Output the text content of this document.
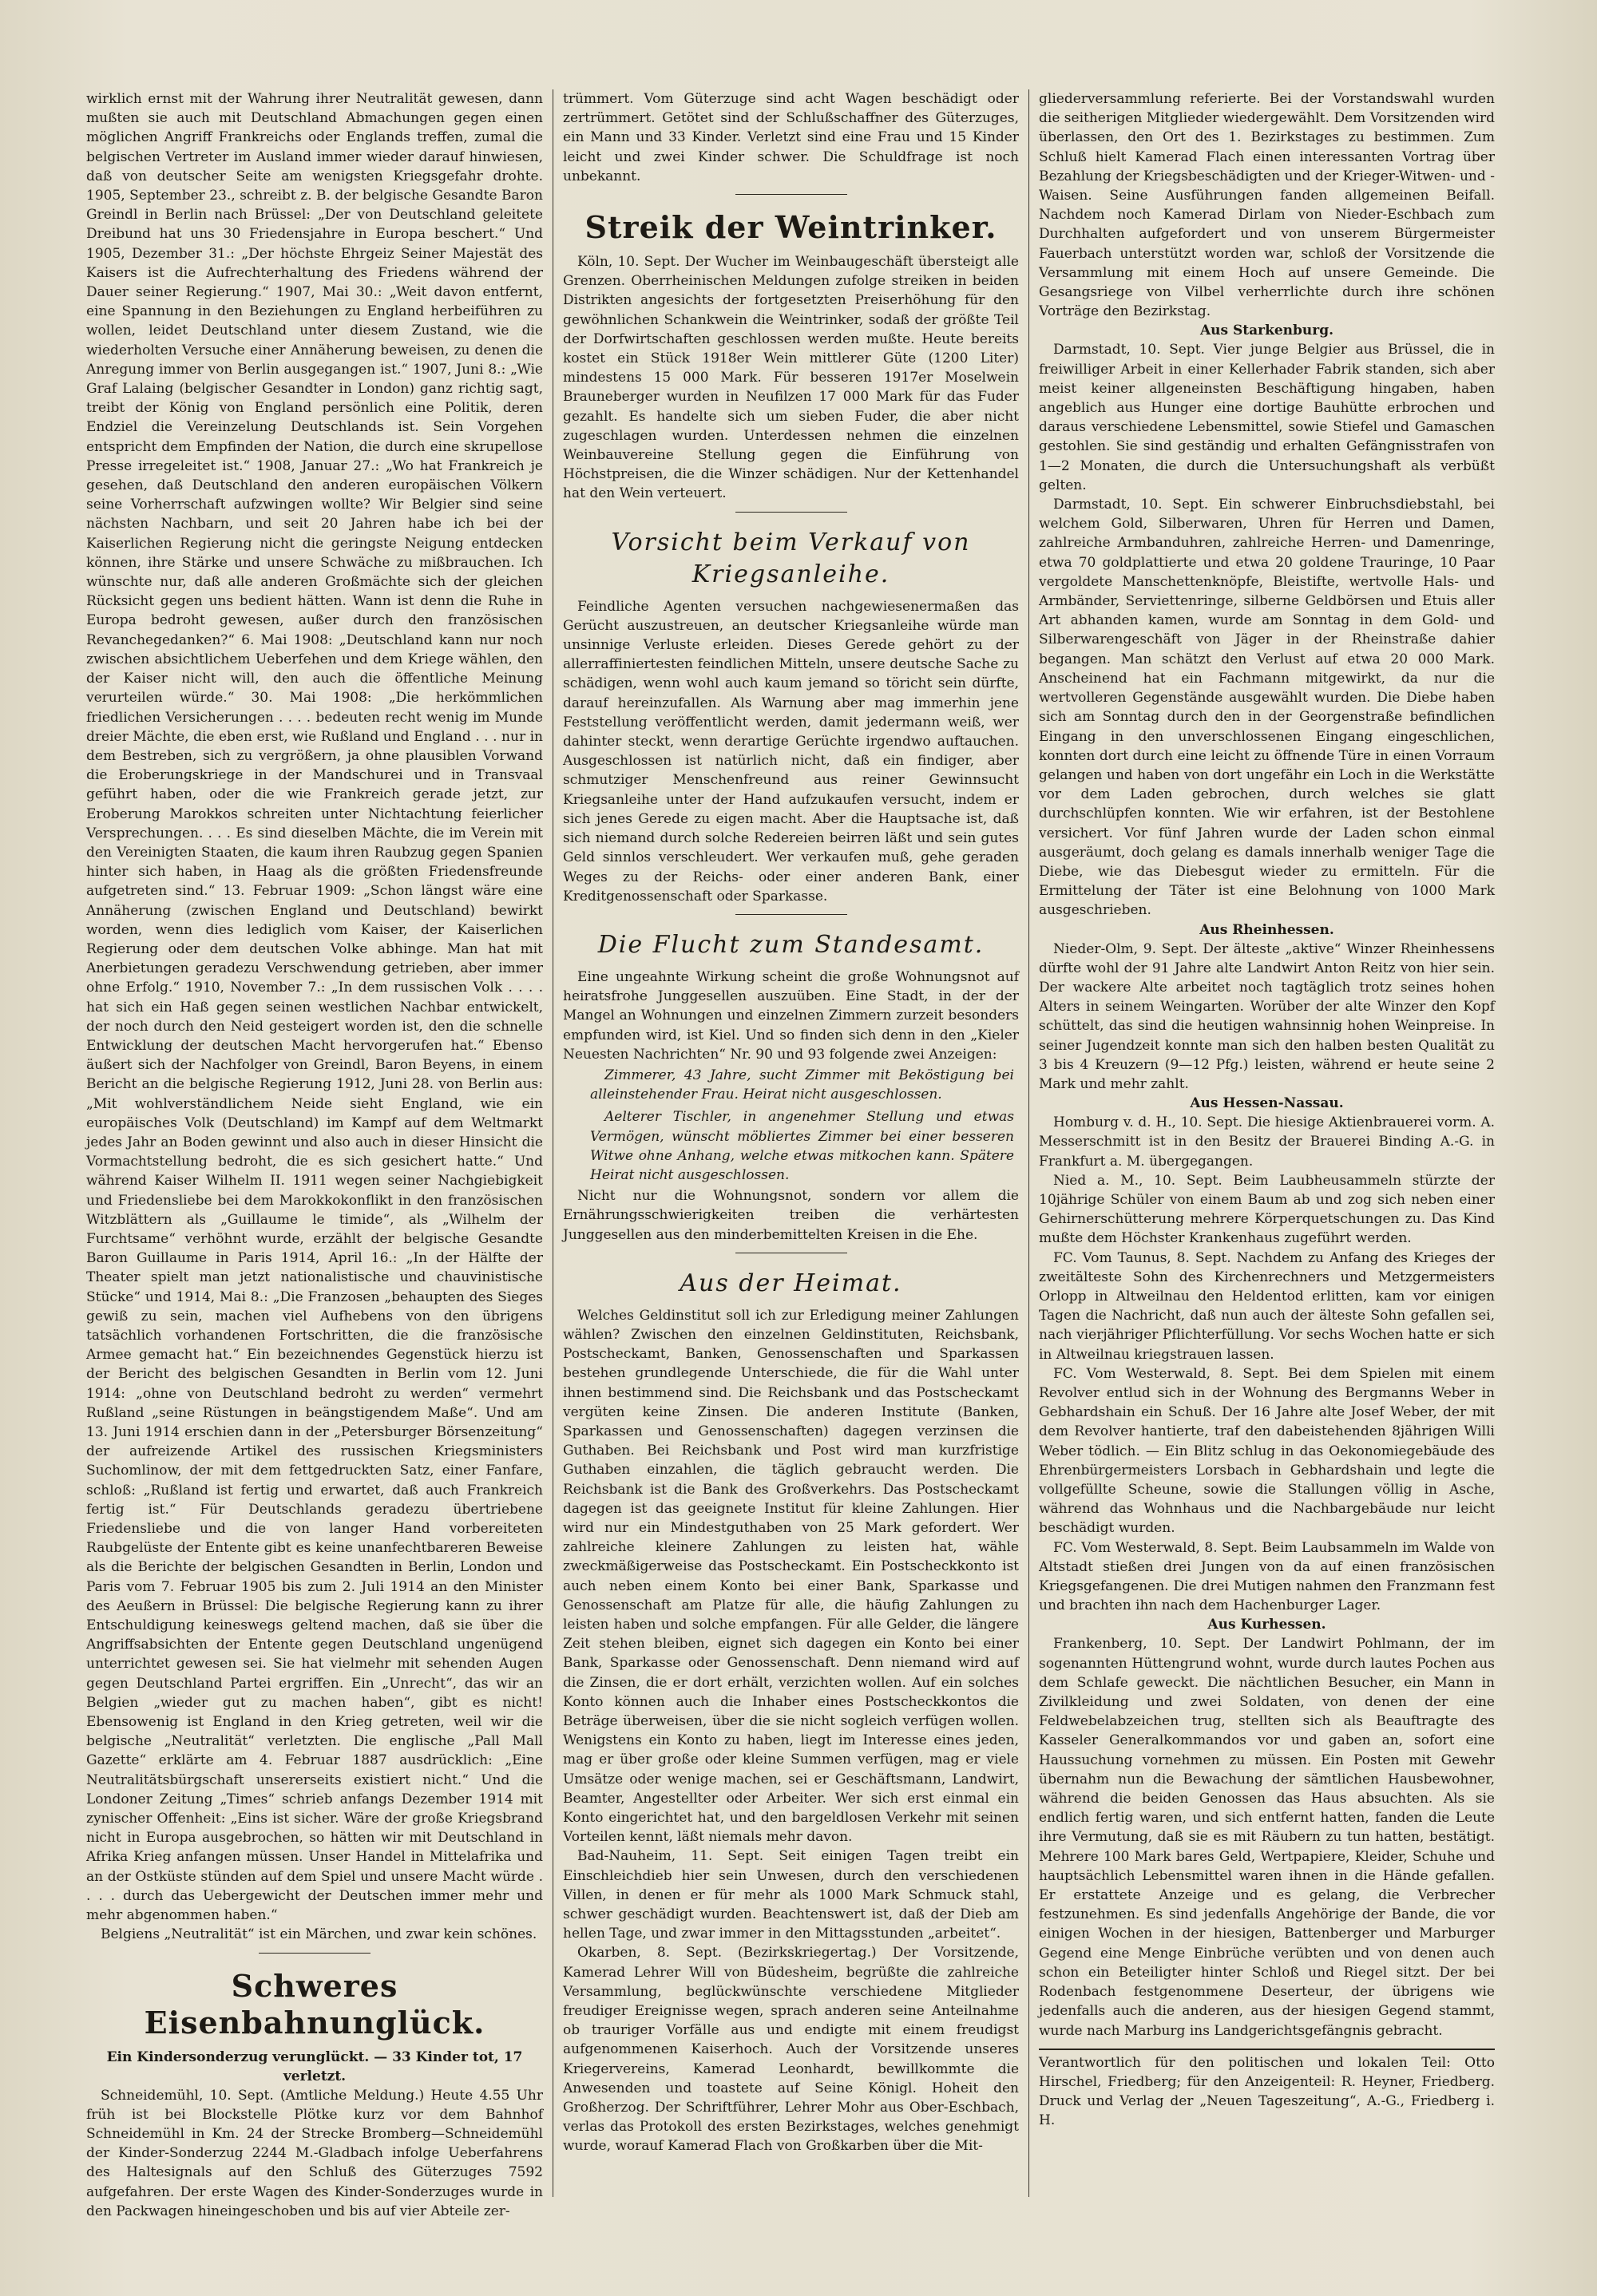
wirklich ernst mit der Wahrung ihrer Neutralität gewesen, dann mußten sie auch mit Deutschland Abmachungen gegen einen möglichen Angriff Frankreichs oder Englands treffen, zumal die belgischen Vertreter im Ausland immer wieder darauf hinwiesen, daß von deutscher Seite am wenigsten Kriegsgefahr drohte. 1905, September 23., schreibt z. B. der belgische Gesandte Baron Greindl in Berlin nach Brüssel: „Der von Deutschland geleitete Dreibund hat uns 30 Friedensjahre in Europa beschert.“ Und 1905, Dezember 31.: „Der höchste Ehrgeiz Seiner Majestät des Kaisers ist die Aufrechterhaltung des Friedens während der Dauer seiner Regierung.“ 1907, Mai 30.: „Weit davon entfernt, eine Spannung in den Beziehungen zu England herbeiführen zu wollen, leidet Deutschland unter diesem Zustand, wie die wiederholten Versuche einer Annäherung beweisen, zu denen die Anregung immer von Berlin ausgegangen ist.“ 1907, Juni 8.: „Wie Graf Lalaing (belgischer Gesandter in London) ganz richtig sagt, treibt der König von England persönlich eine Politik, deren Endziel die Vereinzelung Deutschlands ist. Sein Vorgehen entspricht dem Empfinden der Nation, die durch eine skrupellose Presse irregeleitet ist.“ 1908, Januar 27.: „Wo hat Frankreich je gesehen, daß Deutschland den anderen europäischen Völkern seine Vorherrschaft aufzwingen wollte? Wir Belgier sind seine nächsten Nachbarn, und seit 20 Jahren habe ich bei der Kaiserlichen Regierung nicht die geringste Neigung entdecken können, ihre Stärke und unsere Schwäche zu mißbrauchen. Ich wünschte nur, daß alle anderen Großmächte sich der gleichen Rücksicht gegen uns bedient hätten. Wann ist denn die Ruhe in Europa bedroht gewesen, außer durch den französischen Revanchegedanken?“ 6. Mai 1908: „Deutschland kann nur noch zwischen absichtlichem Ueberfehen und dem Kriege wählen, den der Kaiser nicht will, den auch die öffentliche Meinung verurteilen würde.“ 30. Mai 1908: „Die herkömmlichen friedlichen Versicherungen . . . . bedeuten recht wenig im Munde dreier Mächte, die eben erst, wie Rußland und England . . . nur in dem Bestreben, sich zu vergrößern, ja ohne plausiblen Vorwand die Eroberungskriege in der Mandschurei und in Transvaal geführt haben, oder die wie Frankreich gerade jetzt, zur Eroberung Marokkos schreiten unter Nichtachtung feierlicher Versprechungen. . . . Es sind dieselben Mächte, die im Verein mit den Vereinigten Staaten, die kaum ihren Raubzug gegen Spanien hinter sich haben, in Haag als die größten Friedensfreunde aufgetreten sind.“ 13. Februar 1909: „Schon längst wäre eine Annäherung (zwischen England und Deutschland) bewirkt worden, wenn dies lediglich vom Kaiser, der Kaiserlichen Regierung oder dem deutschen Volke abhinge. Man hat mit Anerbietungen geradezu Verschwendung getrieben, aber immer ohne Erfolg.“ 1910, November 7.: „In dem russischen Volk . . . . hat sich ein Haß gegen seinen westlichen Nachbar entwickelt, der noch durch den Neid gesteigert worden ist, den die schnelle Entwicklung der deutschen Macht hervorgerufen hat.“ Ebenso äußert sich der Nachfolger von Greindl, Baron Beyens, in einem Bericht an die belgische Regierung 1912, Juni 28. von Berlin aus: „Mit wohlverständlichem Neide sieht England, wie ein europäisches Volk (Deutschland) im Kampf auf dem Weltmarkt jedes Jahr an Boden gewinnt und also auch in dieser Hinsicht die Vormachtstellung bedroht, die es sich gesichert hatte.“ Und während Kaiser Wilhelm II. 1911 wegen seiner Nachgiebigkeit und Friedensliebe bei dem Marokkokonflikt in den französischen Witzblättern als „Guillaume le timide“, als „Wilhelm der Furchtsame“ verhöhnt wurde, erzählt der belgische Gesandte Baron Guillaume in Paris 1914, April 16.: „In der Hälfte der Theater spielt man jetzt nationalistische und chauvinistische Stücke“ und 1914, Mai 8.: „Die Franzosen „behaupten des Sieges gewiß zu sein, machen viel Aufhebens von den übrigens tatsächlich vorhandenen Fortschritten, die die französische Armee gemacht hat.“ Ein bezeichnendes Gegenstück hierzu ist der Bericht des belgischen Gesandten in Berlin vom 12. Juni 1914: „ohne von Deutschland bedroht zu werden“ vermehrt Rußland „seine Rüstungen in beängstigendem Maße“. Und am 13. Juni 1914 erschien dann in der „Petersburger Börsenzeitung“ der aufreizende Artikel des russischen Kriegsministers Suchomlinow, der mit dem fettgedruckten Satz, einer Fanfare, schloß: „Rußland ist fertig und erwartet, daß auch Frankreich fertig ist.“ Für Deutschlands geradezu übertriebene Friedensliebe und die von langer Hand vorbereiteten Raubgelüste der Entente gibt es keine unanfechtbareren Beweise als die Berichte der belgischen Gesandten in Berlin, London und Paris vom 7. Februar 1905 bis zum 2. Juli 1914 an den Minister des Aeußern in Brüssel: Die belgische Regierung kann zu ihrer Entschuldigung keineswegs geltend machen, daß sie über die Angriffsabsichten der Entente gegen Deutschland ungenügend unterrichtet gewesen sei. Sie hat vielmehr mit sehenden Augen gegen Deutschland Partei ergriffen. Ein „Unrecht“, das wir an Belgien „wieder gut zu machen haben“, gibt es nicht! Ebensowenig ist England in den Krieg getreten, weil wir die belgische „Neutralität“ verletzten. Die englische „Pall Mall Gazette“ erklärte am 4. Februar 1887 ausdrücklich: „Eine Neutralitätsbürgschaft unsererseits existiert nicht.“ Und die Londoner Zeitung „Times“ schrieb anfangs Dezember 1914 mit zynischer Offenheit: „Eins ist sicher. Wäre der große Kriegsbrand nicht in Europa ausgebrochen, so hätten wir mit Deutschland in Afrika Krieg anfangen müssen. Unser Handel in Mittelafrika und an der Ostküste stünden auf dem Spiel und unsere Macht würde . . . . durch das Uebergewicht der Deutschen immer mehr und mehr abgenommen haben.“

Belgiens „Neutralität“ ist ein Märchen, und zwar kein schönes.

Schweres Eisenbahnunglück.
Ein Kindersonderzug verunglückt. — 33 Kinder tot, 17 verletzt.

Schneidemühl, 10. Sept. (Amtliche Meldung.) Heute 4.55 Uhr früh ist bei Blockstelle Plötke kurz vor dem Bahnhof Schneidemühl in Km. 24 der Strecke Bromberg—Schneidemühl der Kinder-Sonderzug 2244 M.-Gladbach infolge Ueberfahrens des Haltesignals auf den Schluß des Güterzuges 7592 aufgefahren. Der erste Wagen des Kinder-Sonderzuges wurde in den Packwagen hineingeschoben und bis auf vier Abteile zer-

trümmert. Vom Güterzuge sind acht Wagen beschädigt oder zertrümmert. Getötet sind der Schlußschaffner des Güterzuges, ein Mann und 33 Kinder. Verletzt sind eine Frau und 15 Kinder leicht und zwei Kinder schwer. Die Schuldfrage ist noch unbekannt.

Streik der Weintrinker.

Köln, 10. Sept. Der Wucher im Weinbaugeschäft übersteigt alle Grenzen. Oberrheinischen Meldungen zufolge streiken in beiden Distrikten angesichts der fortgesetzten Preiserhöhung für den gewöhnlichen Schankwein die Weintrinker, sodaß der größte Teil der Dorfwirtschaften geschlossen werden mußte. Heute bereits kostet ein Stück 1918er Wein mittlerer Güte (1200 Liter) mindestens 15 000 Mark. Für besseren 1917er Moselwein Brauneberger wurden in Neufilzen 17 000 Mark für das Fuder gezahlt. Es handelte sich um sieben Fuder, die aber nicht zugeschlagen wurden. Unterdessen nehmen die einzelnen Weinbauvereine Stellung gegen die Einführung von Höchstpreisen, die die Winzer schädigen. Nur der Kettenhandel hat den Wein verteuert.

Vorsicht beim Verkauf von Kriegsanleihe.

Feindliche Agenten versuchen nachgewiesenermaßen das Gerücht auszustreuen, an deutscher Kriegsanleihe würde man unsinnige Verluste erleiden. Dieses Gerede gehört zu der allerraffiniertesten feindlichen Mitteln, unsere deutsche Sache zu schädigen, wenn wohl auch kaum jemand so töricht sein dürfte, darauf hereinzufallen. Als Warnung aber mag immerhin jene Feststellung veröffentlicht werden, damit jedermann weiß, wer dahinter steckt, wenn derartige Gerüchte irgendwo auftauchen. Ausgeschlossen ist natürlich nicht, daß ein findiger, aber schmutziger Menschenfreund aus reiner Gewinnsucht Kriegsanleihe unter der Hand aufzukaufen versucht, indem er sich jenes Gerede zu eigen macht. Aber die Hauptsache ist, daß sich niemand durch solche Redereien beirren läßt und sein gutes Geld sinnlos verschleudert. Wer verkaufen muß, gehe geraden Weges zu der Reichs- oder einer anderen Bank, einer Kreditgenossenschaft oder Sparkasse.

Die Flucht zum Standesamt.

Eine ungeahnte Wirkung scheint die große Wohnungsnot auf heiratsfrohe Junggesellen auszuüben. Eine Stadt, in der der Mangel an Wohnungen und einzelnen Zimmern zurzeit besonders empfunden wird, ist Kiel. Und so finden sich denn in den „Kieler Neuesten Nachrichten“ Nr. 90 und 93 folgende zwei Anzeigen:

Zimmerer, 43 Jahre, sucht Zimmer mit Beköstigung bei alleinstehender Frau. Heirat nicht ausgeschlossen.

Aelterer Tischler, in angenehmer Stellung und etwas Vermögen, wünscht möbliertes Zimmer bei einer besseren Witwe ohne Anhang, welche etwas mitkochen kann. Spätere Heirat nicht ausgeschlossen.

Nicht nur die Wohnungsnot, sondern vor allem die Ernährungsschwierigkeiten treiben die verhärtesten Junggesellen aus den minderbemittelten Kreisen in die Ehe.

Aus der Heimat.

Welches Geldinstitut soll ich zur Erledigung meiner Zahlungen wählen? Zwischen den einzelnen Geldinstituten, Reichsbank, Postscheckamt, Banken, Genossenschaften und Sparkassen bestehen grundlegende Unterschiede, die für die Wahl unter ihnen bestimmend sind. Die Reichsbank und das Postscheckamt vergüten keine Zinsen. Die anderen Institute (Banken, Sparkassen und Genossenschaften) dagegen verzinsen die Guthaben. Bei Reichsbank und Post wird man kurzfristige Guthaben einzahlen, die täglich gebraucht werden. Die Reichsbank ist die Bank des Großverkehrs. Das Postscheckamt dagegen ist das geeignete Institut für kleine Zahlungen. Hier wird nur ein Mindestguthaben von 25 Mark gefordert. Wer zahlreiche kleinere Zahlungen zu leisten hat, wähle zweckmäßigerweise das Postscheckamt. Ein Postscheckkonto ist auch neben einem Konto bei einer Bank, Sparkasse und Genossenschaft am Platze für alle, die häufig Zahlungen zu leisten haben und solche empfangen. Für alle Gelder, die längere Zeit stehen bleiben, eignet sich dagegen ein Konto bei einer Bank, Sparkasse oder Genossenschaft. Denn niemand wird auf die Zinsen, die er dort erhält, verzichten wollen. Auf ein solches Konto können auch die Inhaber eines Postscheckkontos die Beträge überweisen, über die sie nicht sogleich verfügen wollen. Wenigstens ein Konto zu haben, liegt im Interesse eines jeden, mag er über große oder kleine Summen verfügen, mag er viele Umsätze oder wenige machen, sei er Geschäftsmann, Landwirt, Beamter, Angestellter oder Arbeiter. Wer sich erst einmal ein Konto eingerichtet hat, und den bargeldlosen Verkehr mit seinen Vorteilen kennt, läßt niemals mehr davon.

Bad-Nauheim, 11. Sept. Seit einigen Tagen treibt ein Einschleichdieb hier sein Unwesen, durch den verschiedenen Villen, in denen er für mehr als 1000 Mark Schmuck stahl, schwer geschädigt wurden. Beachtenswert ist, daß der Dieb am hellen Tage, und zwar immer in den Mittagsstunden „arbeitet“.

Okarben, 8. Sept. (Bezirkskriegertag.) Der Vorsitzende, Kamerad Lehrer Will von Büdesheim, begrüßte die zahlreiche Versammlung, beglückwünschte verschiedene Mitglieder freudiger Ereignisse wegen, sprach anderen seine Anteilnahme ob trauriger Vorfälle aus und endigte mit einem freudigst aufgenommenen Kaiserhoch. Auch der Vorsitzende unseres Kriegervereins, Kamerad Leonhardt, bewillkommte die Anwesenden und toastete auf Seine Königl. Hoheit den Großherzog. Der Schriftführer, Lehrer Mohr aus Ober-Eschbach, verlas das Protokoll des ersten Bezirkstages, welches genehmigt wurde, worauf Kamerad Flach von Großkarben über die Mit-

gliederversammlung referierte. Bei der Vorstandswahl wurden die seitherigen Mitglieder wiedergewählt. Dem Vorsitzenden wird überlassen, den Ort des 1. Bezirkstages zu bestimmen. Zum Schluß hielt Kamerad Flach einen interessanten Vortrag über Bezahlung der Kriegsbeschädigten und der Krieger-Witwen- und -Waisen. Seine Ausführungen fanden allgemeinen Beifall. Nachdem noch Kamerad Dirlam von Nieder-Eschbach zum Durchhalten aufgefordert und von unserem Bürgermeister Fauerbach unterstützt worden war, schloß der Vorsitzende die Versammlung mit einem Hoch auf unsere Gemeinde. Die Gesangsriege von Vilbel verherrlichte durch ihre schönen Vorträge den Bezirkstag.

Aus Starkenburg.

Darmstadt, 10. Sept. Vier junge Belgier aus Brüssel, die in freiwilliger Arbeit in einer Kellerhader Fabrik standen, sich aber meist keiner allgeneinsten Beschäftigung hingaben, haben angeblich aus Hunger eine dortige Bauhütte erbrochen und daraus verschiedene Lebensmittel, sowie Stiefel und Gamaschen gestohlen. Sie sind geständig und erhalten Gefängnisstrafen von 1—2 Monaten, die durch die Untersuchungshaft als verbüßt gelten.

Darmstadt, 10. Sept. Ein schwerer Einbruchsdiebstahl, bei welchem Gold, Silberwaren, Uhren für Herren und Damen, zahlreiche Armbanduhren, zahlreiche Herren- und Damenringe, etwa 70 goldplattierte und etwa 20 goldene Trauringe, 10 Paar vergoldete Manschettenknöpfe, Bleistifte, wertvolle Hals- und Armbänder, Serviettenringe, silberne Geldbörsen und Etuis aller Art abhanden kamen, wurde am Sonntag in dem Gold- und Silberwarengeschäft von Jäger in der Rheinstraße dahier begangen. Man schätzt den Verlust auf etwa 20 000 Mark. Anscheinend hat ein Fachmann mitgewirkt, da nur die wertvolleren Gegenstände ausgewählt wurden. Die Diebe haben sich am Sonntag durch den in der Georgenstraße befindlichen Eingang in den unverschlossenen Eingang eingeschlichen, konnten dort durch eine leicht zu öffnende Türe in einen Vorraum gelangen und haben von dort ungefähr ein Loch in die Werkstätte vor dem Laden gebrochen, durch welches sie glatt durchschlüpfen konnten. Wie wir erfahren, ist der Bestohlene versichert. Vor fünf Jahren wurde der Laden schon einmal ausgeräumt, doch gelang es damals innerhalb weniger Tage die Diebe, wie das Diebesgut wieder zu ermitteln. Für die Ermittelung der Täter ist eine Belohnung von 1000 Mark ausgeschrieben.

Aus Rheinhessen.

Nieder-Olm, 9. Sept. Der älteste „aktive“ Winzer Rheinhessens dürfte wohl der 91 Jahre alte Landwirt Anton Reitz von hier sein. Der wackere Alte arbeitet noch tagtäglich trotz seines hohen Alters in seinem Weingarten. Worüber der alte Winzer den Kopf schüttelt, das sind die heutigen wahnsinnig hohen Weinpreise. In seiner Jugendzeit konnte man sich den halben besten Qualität zu 3 bis 4 Kreuzern (9—12 Pfg.) leisten, während er heute seine 2 Mark und mehr zahlt.

Aus Hessen-Nassau.

Homburg v. d. H., 10. Sept. Die hiesige Aktienbrauerei vorm. A. Messerschmitt ist in den Besitz der Brauerei Binding A.-G. in Frankfurt a. M. übergegangen.

Nied a. M., 10. Sept. Beim Laubheusammeln stürzte der 10jährige Schüler von einem Baum ab und zog sich neben einer Gehirnerschütterung mehrere Körperquetschungen zu. Das Kind mußte dem Höchster Krankenhaus zugeführt werden.

FC. Vom Taunus, 8. Sept. Nachdem zu Anfang des Krieges der zweitälteste Sohn des Kirchenrechners und Metzgermeisters Orlopp in Altweilnau den Heldentod erlitten, kam vor einigen Tagen die Nachricht, daß nun auch der älteste Sohn gefallen sei, nach vierjähriger Pflichterfüllung. Vor sechs Wochen hatte er sich in Altweilnau kriegstrauen lassen.

FC. Vom Westerwald, 8. Sept. Bei dem Spielen mit einem Revolver entlud sich in der Wohnung des Bergmanns Weber in Gebhardshain ein Schuß. Der 16 Jahre alte Josef Weber, der mit dem Revolver hantierte, traf den dabeistehenden 8jährigen Willi Weber tödlich. — Ein Blitz schlug in das Oekonomiegebäude des Ehrenbürgermeisters Lorsbach in Gebhardshain und legte die vollgefüllte Scheune, sowie die Stallungen völlig in Asche, während das Wohnhaus und die Nachbargebäude nur leicht beschädigt wurden.

FC. Vom Westerwald, 8. Sept. Beim Laubsammeln im Walde von Altstadt stießen drei Jungen von da auf einen französischen Kriegsgefangenen. Die drei Mutigen nahmen den Franzmann fest und brachten ihn nach dem Hachenburger Lager.

Aus Kurhessen.

Frankenberg, 10. Sept. Der Landwirt Pohlmann, der im sogenannten Hüttengrund wohnt, wurde durch lautes Pochen aus dem Schlafe geweckt. Die nächtlichen Besucher, ein Mann in Zivilkleidung und zwei Soldaten, von denen der eine Feldwebelabzeichen trug, stellten sich als Beauftragte des Kasseler Generalkommandos vor und gaben an, sofort eine Haussuchung vornehmen zu müssen. Ein Posten mit Gewehr übernahm nun die Bewachung der sämtlichen Hausbewohner, während die beiden Genossen das Haus absuchten. Als sie endlich fertig waren, und sich entfernt hatten, fanden die Leute ihre Vermutung, daß sie es mit Räubern zu tun hatten, bestätigt. Mehrere 100 Mark bares Geld, Wertpapiere, Kleider, Schuhe und hauptsächlich Lebensmittel waren ihnen in die Hände gefallen. Er erstattete Anzeige und es gelang, die Verbrecher festzunehmen. Es sind jedenfalls Angehörige der Bande, die vor einigen Wochen in der hiesigen, Battenberger und Marburger Gegend eine Menge Einbrüche verübten und von denen auch schon ein Beteiligter hinter Schloß und Riegel sitzt. Der bei Rodenbach festgenommene Deserteur, der übrigens wie jedenfalls auch die anderen, aus der hiesigen Gegend stammt, wurde nach Marburg ins Landgerichtsgefängnis gebracht.

Verantwortlich für den politischen und lokalen Teil: Otto Hirschel, Friedberg; für den Anzeigenteil: R. Heyner, Friedberg. Druck und Verlag der „Neuen Tageszeitung“, A.-G., Friedberg i. H.
